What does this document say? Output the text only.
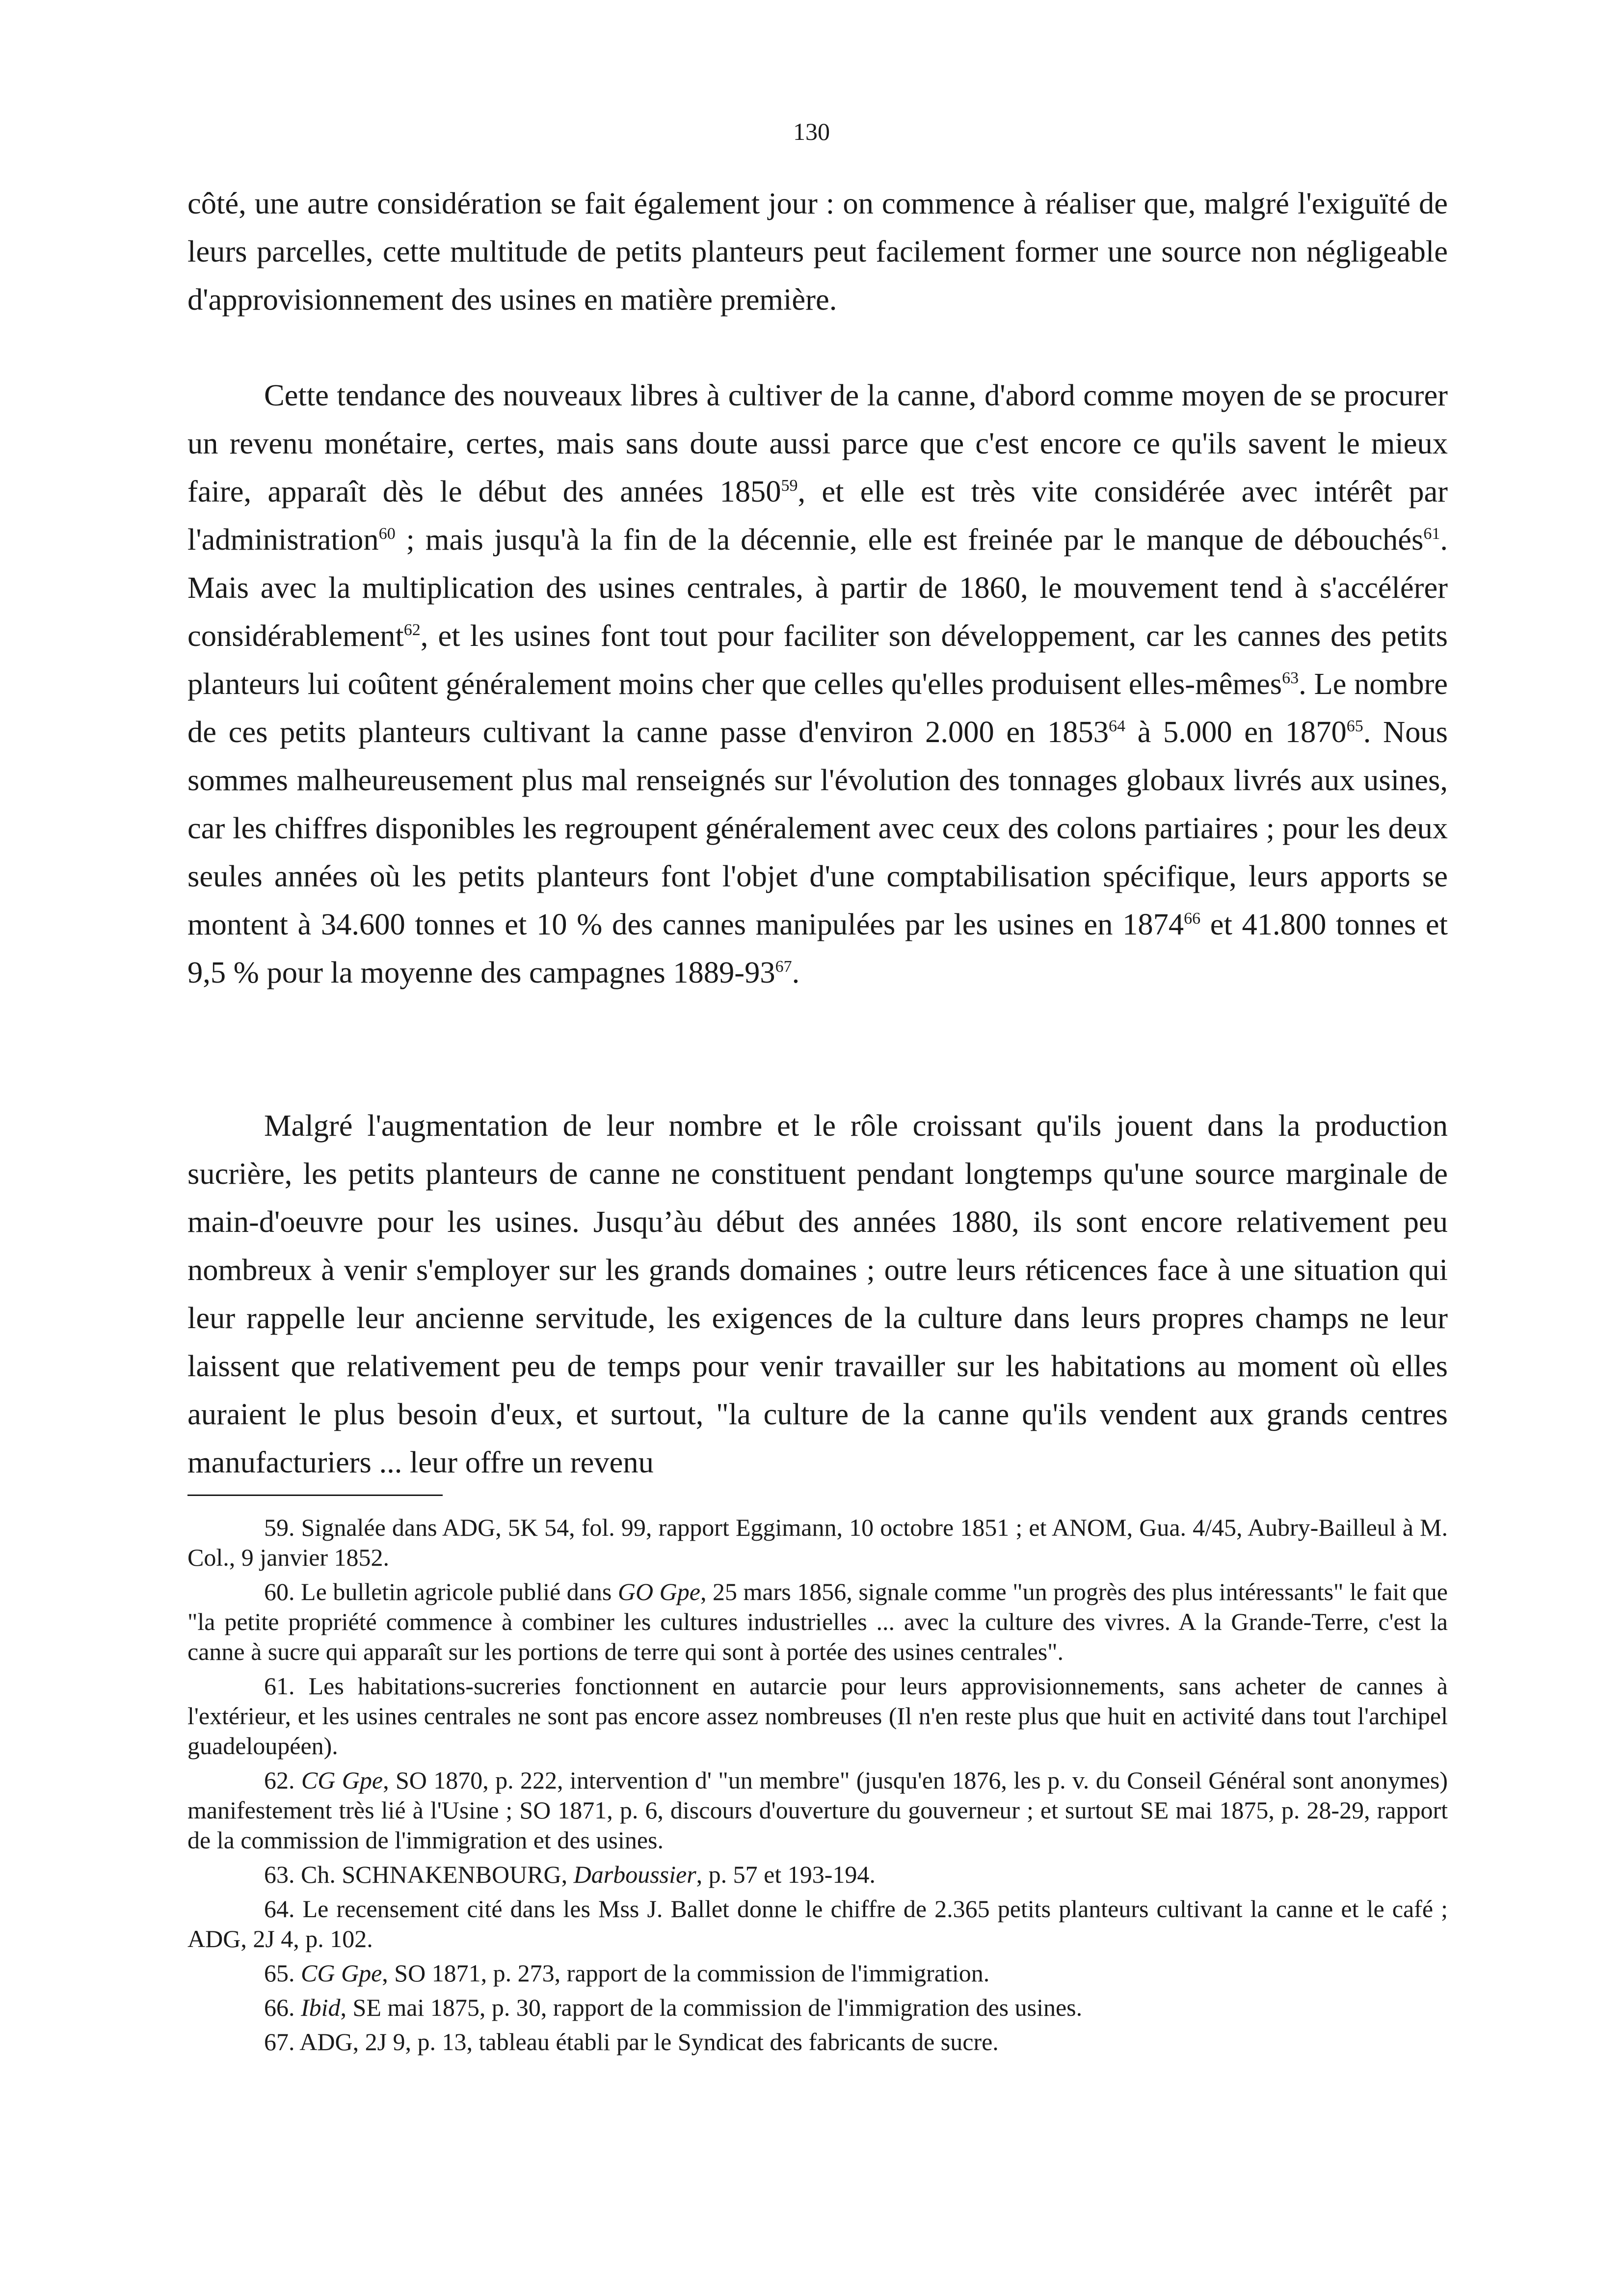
130

côté, une autre considération se fait également jour : on commence à réaliser que, malgré l'exiguïté de leurs parcelles, cette multitude de petits planteurs peut facilement former une source non négligeable d'approvisionnement des usines en matière première.

Cette tendance des nouveaux libres à cultiver de la canne, d'abord comme moyen de se procurer un revenu monétaire, certes, mais sans doute aussi parce que c'est encore ce qu'ils savent le mieux faire, apparaît dès le début des années 1850$^{59}$, et elle est très vite considérée avec intérêt par l'administration$^{60}$ ; mais jusqu'à la fin de la décennie, elle est freinée par le manque de débouchés$^{61}$. Mais avec la multiplication des usines centrales, à partir de 1860, le mouvement tend à s'accélérer considérablement$^{62}$, et les usines font tout pour faciliter son développement, car les cannes des petits planteurs lui coûtent généralement moins cher que celles qu'elles produisent elles-mêmes$^{63}$. Le nombre de ces petits planteurs cultivant la canne passe d'environ 2.000 en 1853$^{64}$ à 5.000 en 1870$^{65}$. Nous sommes malheureusement plus mal renseignés sur l'évolution des tonnages globaux livrés aux usines, car les chiffres disponibles les regroupent généralement avec ceux des colons partiaires ; pour les deux seules années où les petits planteurs font l'objet d'une comptabilisation spécifique, leurs apports se montent à 34.600 tonnes et 10 % des cannes manipulées par les usines en 1874$^{66}$ et 41.800 tonnes et 9,5 % pour la moyenne des campagnes $1889-93^{67}$.

Malgré l'augmentation de leur nombre et le rôle croissant qu'ils jouent dans la production sucrière, les petits planteurs de canne ne constituent pendant longtemps qu'une source marginale de main-d'oeuvre pour les usines. Jusqu’àu début des années 1880, ils sont encore relativement peu nombreux à venir s'employer sur les grands domaines ; outre leurs réticences face à une situation qui leur rappelle leur ancienne servitude, les exigences de la culture dans leurs propres champs ne leur laissent que relativement peu de temps pour venir travailler sur les habitations au moment où elles auraient le plus besoin d'eux, et surtout, "la culture de la canne qu'ils vendent aux grands centres manufacturiers ... leur offre un revenu

59. Signalée dans ADG, 5K 54, fol. 99, rapport Eggimann, 10 octobre 1851 ; et ANOM, Gua. 4/45, Aubry-Bailleul à M. Col., 9 janvier 1852.

60. Le bulletin agricole publié dans GO Gpe, 25 mars 1856, signale comme "un progrès des plus intéressants" le fait que "la petite propriété commence à combiner les cultures industrielles ... avec la culture des vivres. A la Grande-Terre, c'est la canne à sucre qui apparaît sur les portions de terre qui sont à portée des usines centrales".

61. Les habitations-sucreries fonctionnent en autarcie pour leurs approvisionnements, sans acheter de cannes à l'extérieur, et les usines centrales ne sont pas encore assez nombreuses (Il n'en reste plus que huit en activité dans tout l'archipel guadeloupéen).

62. CG Gpe, SO 1870, p. 222, intervention d' "un membre" (jusqu'en 1876, les p. v. du Conseil Général sont anonymes) manifestement très lié à l'Usine ; SO 1871, p. 6, discours d'ouverture du gouverneur ; et surtout SE mai 1875, p. 28-29, rapport de la commission de l'immigration et des usines.

63. Ch. SCHNAKENBOURG, Darboussier, p. 57 et 193-194.

64. Le recensement cité dans les Mss J. Ballet donne le chiffre de 2.365 petits planteurs cultivant la canne et le café ; ADG, 2J 4, p. 102.

65. CG Gpe, SO 1871, p. 273, rapport de la commission de l'immigration.

66. Ibid, SE mai 1875, p. 30, rapport de la commission de l'immigration des usines.

67. ADG, 2J 9, p. 13, tableau établi par le Syndicat des fabricants de sucre.
